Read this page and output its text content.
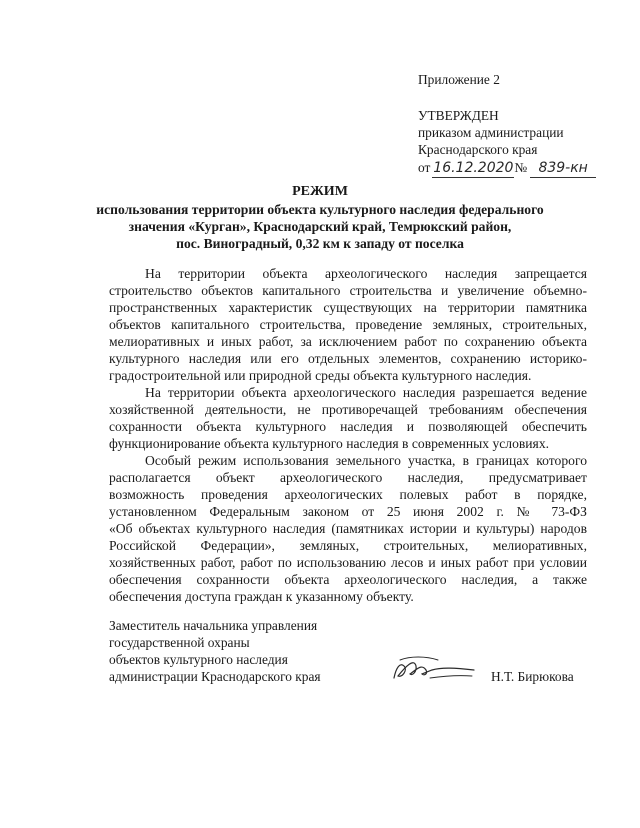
Приложение 2
УТВЕРЖДЕН
приказом администрации
Краснодарского края
от 16.12.2020№ 839-кн
РЕЖИМ
использования территории объекта культурного наследия федерального
значения «Курган», Краснодарский край, Темрюкский район,
пос. Виноградный, 0,32 км к западу от поселка
На территории объекта археологического наследия запрещается
строительство объектов капитального строительства и увеличение объемно-
пространственных характеристик существующих на территории памятника
объектов капитального строительства, проведение земляных, строительных,
мелиоративных и иных работ, за исключением работ по сохранению объекта
культурного наследия или его отдельных элементов, сохранению историко-
градостроительной или природной среды объекта культурного наследия.
На территории объекта археологического наследия разрешается ведение
хозяйственной деятельности, не противоречащей требованиям обеспечения
сохранности объекта культурного наследия и позволяющей обеспечить
функционирование объекта культурного наследия в современных условиях.
Особый режим использования земельного участка, в границах которого
располагается объект археологического наследия, предусматривает
возможность проведения археологических полевых работ в порядке,
установленном Федеральным законом от 25 июня 2002 г. № 73-ФЗ
«Об объектах культурного наследия (памятниках истории и культуры) народов
Российской Федерации», земляных, строительных, мелиоративных,
хозяйственных работ, работ по использованию лесов и иных работ при условии
обеспечения сохранности объекта археологического наследия, а также
обеспечения доступа граждан к указанному объекту.
Заместитель начальника управления
государственной охраны
объектов культурного наследия
администрации Краснодарского края	Н.Т. Бирюкова
